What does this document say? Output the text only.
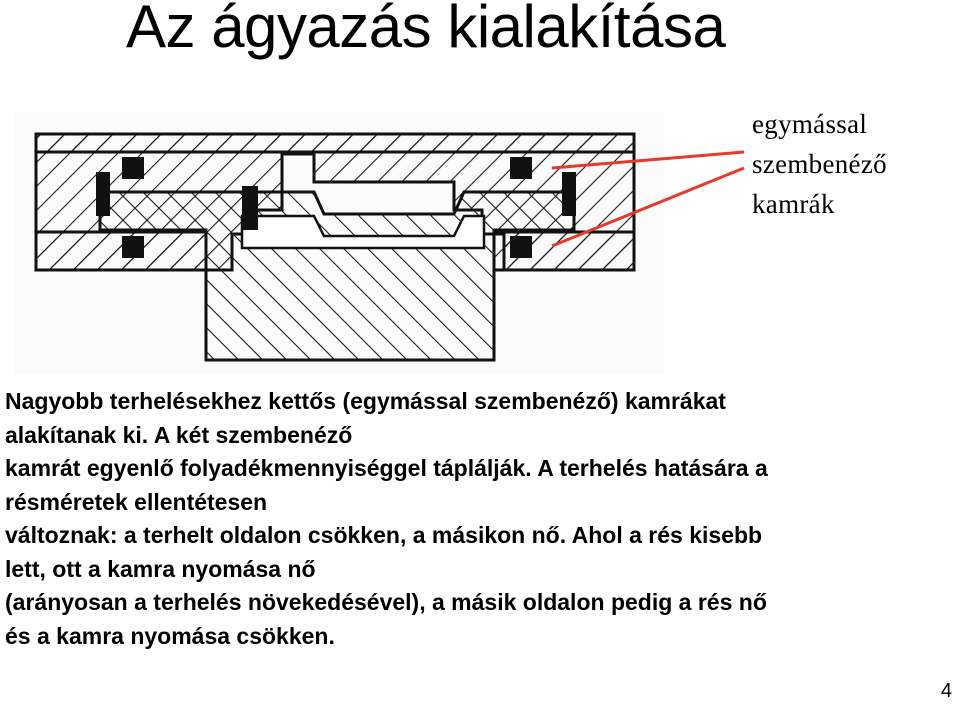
Az ágyazás kialakítása
egymással
szembenéző
kamrák
Nagyobb terhelésekhez kettős (egymással szembenéző) kamrákat
alakítanak ki. A két szembenéző
kamrát egyenlő folyadékmennyiséggel táplálják. A terhelés hatására a
résméretek ellentétesen
változnak: a terhelt oldalon csökken, a másikon nő. Ahol a rés kisebb
lett, ott a kamra nyomása nő
(arányosan a terhelés növekedésével), a másik oldalon pedig a rés nő
és a kamra nyomása csökken.
4
